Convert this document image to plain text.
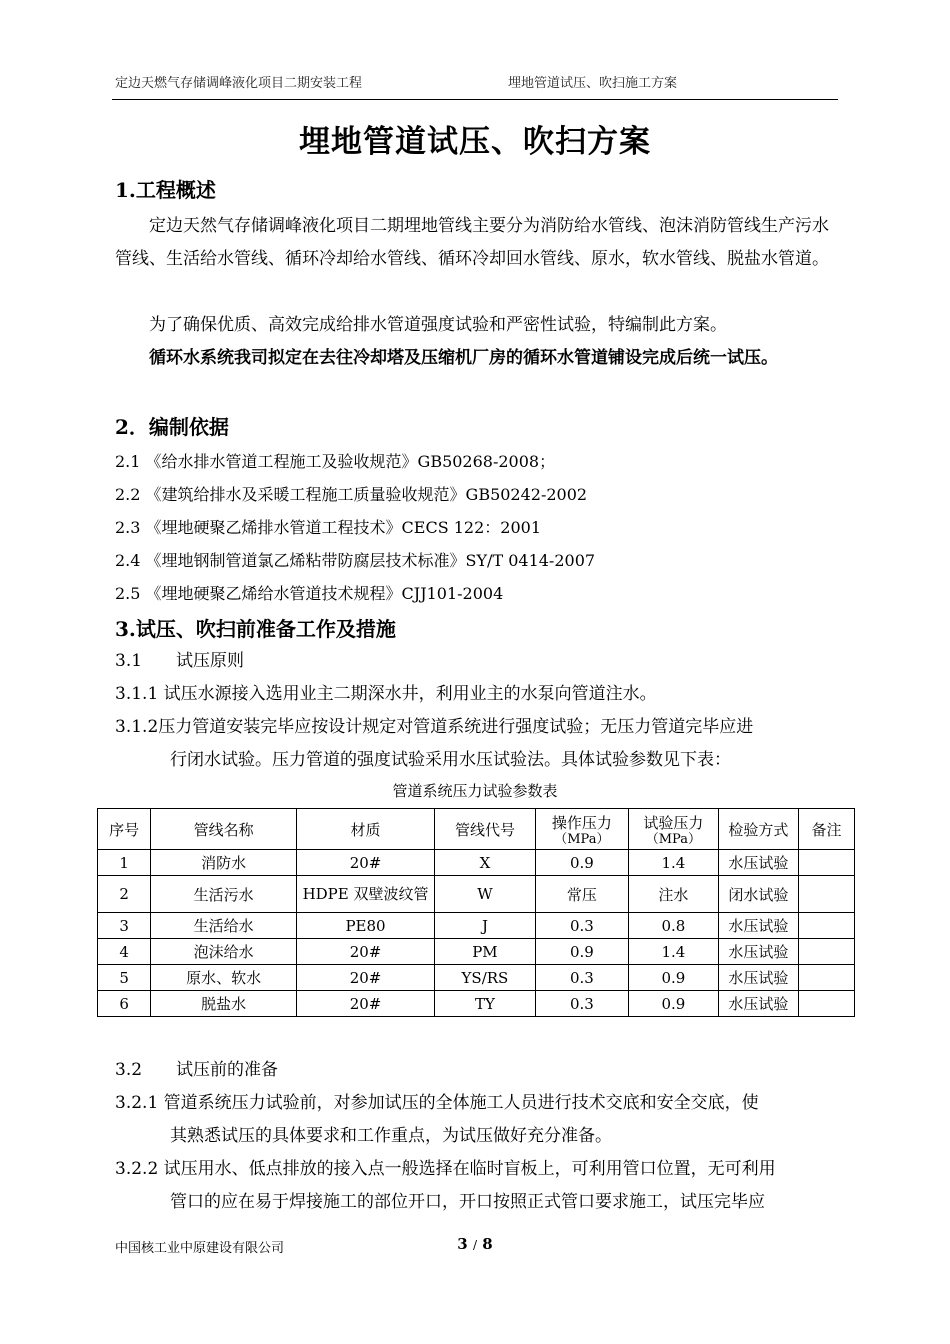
定边天燃气存储调峰液化项目二期安装工程	埋地管道试压、吹扫施工方案
埋地管道试压、吹扫方案
1.工程概述
定边天然气存储调峰液化项目二期埋地管线主要分为消防给水管线、泡沫消防管线生产污水管线、生活给水管线、循环冷却给水管线、循环冷却回水管线、原水，软水管线、脱盐水管道。
为了确保优质、高效完成给排水管道强度试验和严密性试验，特编制此方案。
循环水系统我司拟定在去往冷却塔及压缩机厂房的循环水管道铺设完成后统一试压。
2．编制依据
2.1 《给水排水管道工程施工及验收规范》GB50268-2008；
2.2 《建筑给排水及采暖工程施工质量验收规范》GB50242-2002
2.3 《埋地硬聚乙烯排水管道工程技术》CECS 122：2001
2.4 《埋地钢制管道氯乙烯粘带防腐层技术标准》SY/T 0414-2007
2.5 《埋地硬聚乙烯给水管道技术规程》CJJ101-2004
3.试压、吹扫前准备工作及措施
3.1　　试压原则
3.1.1 试压水源接入选用业主二期深水井，利用业主的水泵向管道注水。
3.1.2压力管道安装完毕应按设计规定对管道系统进行强度试验；无压力管道完毕应进
行闭水试验。压力管道的强度试验采用水压试验法。具体试验参数见下表：
管道系统压力试验参数表
序号	管线名称	材质	管线代号	操作压力
（MPa）	试验压力
（MPa）	检验方式	备注
1	消防水	20#	X	0.9	1.4	水压试验	
2	生活污水	HDPE 双壁波纹管	W	常压	注水	闭水试验	
3	生活给水	PE80	J	0.3	0.8	水压试验	
4	泡沫给水	20#	PM	0.9	1.4	水压试验	
5	原水、软水	20#	YS/RS	0.3	0.9	水压试验	
6	脱盐水	20#	TY	0.3	0.9	水压试验	
3.2　　试压前的准备
3.2.1 管道系统压力试验前，对参加试压的全体施工人员进行技术交底和安全交底，使
其熟悉试压的具体要求和工作重点，为试压做好充分准备。
3.2.2 试压用水、低点排放的接入点一般选择在临时盲板上，可利用管口位置，无可利用
管口的应在易于焊接施工的部位开口，开口按照正式管口要求施工，试压完毕应
中国核工业中原建设有限公司	3 / 8
